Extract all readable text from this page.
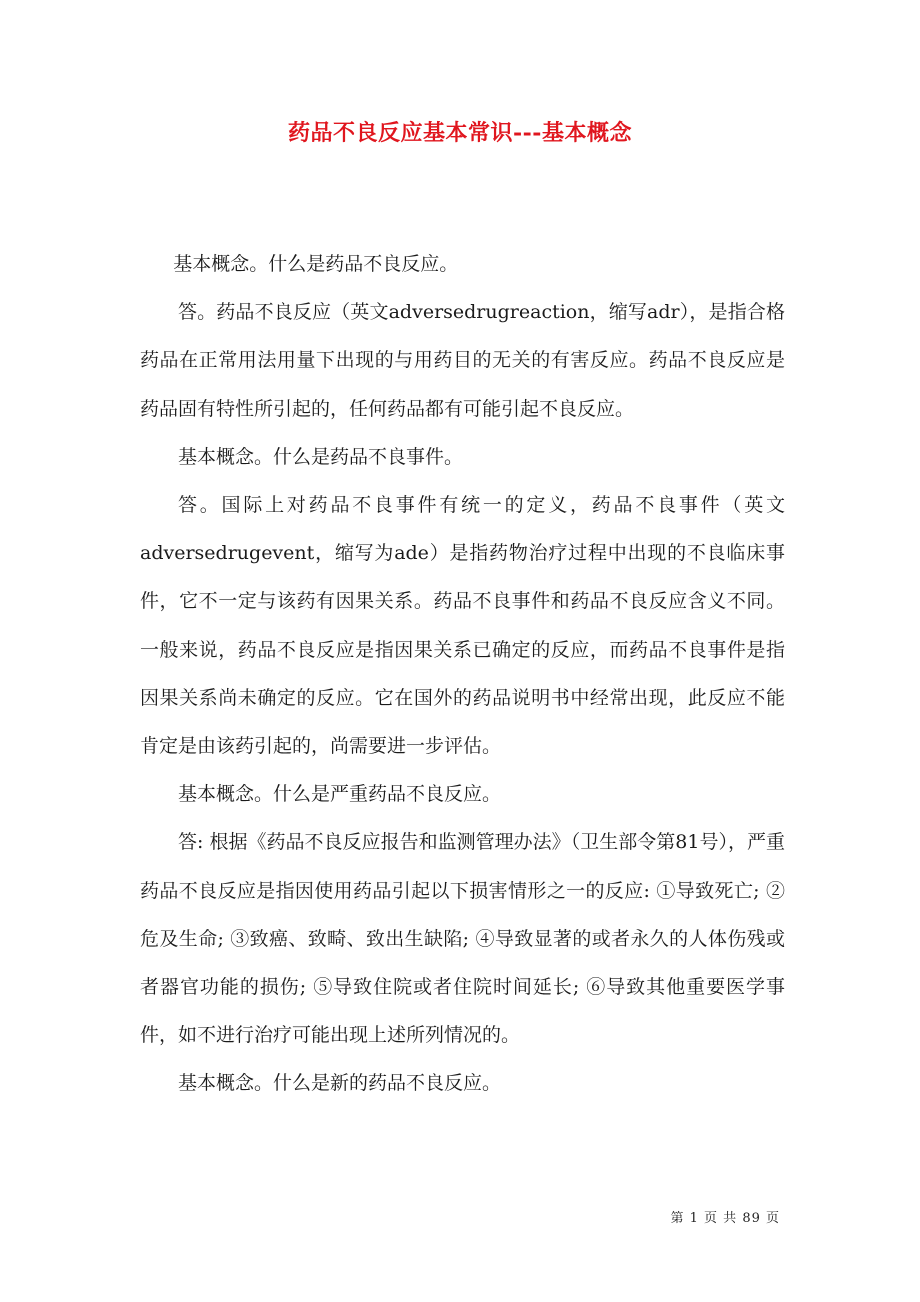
药品不良反应基本常识---基本概念

基本概念。什么是药品不良反应。

答。药品不良反应（英文adversedrugreaction，缩写adr），是指合格药品在正常用法用量下出现的与用药目的无关的有害反应。药品不良反应是药品固有特性所引起的，任何药品都有可能引起不良反应。

基本概念。什么是药品不良事件。

答。国际上对药品不良事件有统一的定义，药品不良事件（英文adversedrugevent，缩写为ade）是指药物治疗过程中出现的不良临床事件，它不一定与该药有因果关系。药品不良事件和药品不良反应含义不同。一般来说，药品不良反应是指因果关系已确定的反应，而药品不良事件是指因果关系尚未确定的反应。它在国外的药品说明书中经常出现，此反应不能肯定是由该药引起的，尚需要进一步评估。

基本概念。什么是严重药品不良反应。

答: 根据《药品不良反应报告和监测管理办法》（卫生部令第81号），严重药品不良反应是指因使用药品引起以下损害情形之一的反应: ①导致死亡; ②危及生命; ③致癌、致畸、致出生缺陷; ④导致显著的或者永久的人体伤残或者器官功能的损伤; ⑤导致住院或者住院时间延长; ⑥导致其他重要医学事件，如不进行治疗可能出现上述所列情况的。

基本概念。什么是新的药品不良反应。

第 1 页 共 89 页
